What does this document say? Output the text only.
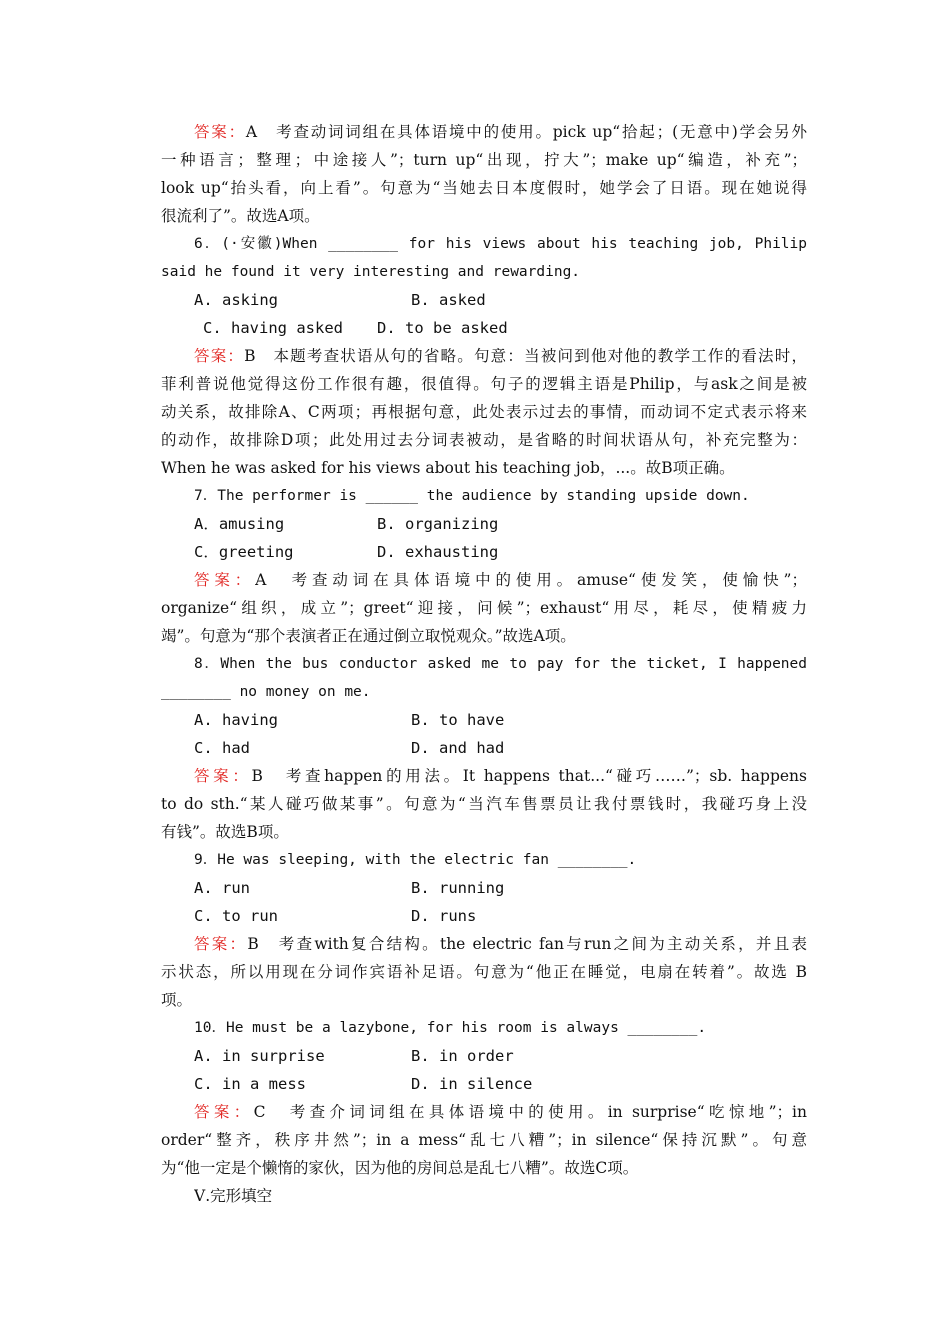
答案：A　 考查动词词组在具体语境中的使用。pick up“拾起；(无意中)学会另外
一种语言；整理；中途接人”；turn up“出现，拧大”；make up“编造，补充”；
look up“抬头看，向上看”。句意为“当她去日本度假时，她学会了日语。现在她说得
很流利了”。故选A项。
6．(·安徽)When ________ for his views about his teaching job, Philip
said he found it very interesting and rewarding.
A. asking	B. asked
C. having asked D. to be asked
答案：B　 本题考查状语从句的省略。句意：当被问到他对他的教学工作的看法时，
菲利普说他觉得这份工作很有趣，很值得。句子的逻辑主语是Philip，与ask之间是被
动关系，故排除A、C两项；再根据句意，此处表示过去的事情，而动词不定式表示将来
的动作，故排除D项；此处用过去分词表被动，是省略的时间状语从句，补充完整为：
When he was asked for his views about his teaching job，...。故B项正确。
7．The performer is ______ the audience by standing upside down.
A．amusing	B. organizing
C．greeting	D. exhausting
答案：A　 考查动词在具体语境中的使用。amuse“使发笑，使愉快”；
organize“组织，成立”；greet“迎接，问候”；exhaust“用尽，耗尽，使精疲力
竭”。句意为“那个表演者正在通过倒立取悦观众。”故选A项。
8．When the bus conductor asked me to pay for the ticket, I happened
________ no money on me.
A. having	B. to have
C. had	D. and had
答案：B　 考查happen的用法。It happens that...“碰巧……”；sb. happens
to do sth.“某人碰巧做某事”。句意为“当汽车售票员让我付票钱时，我碰巧身上没
有钱”。故选B项。
9．He was sleeping, with the electric fan ________.
A. run	B. running
C. to run	D. runs
答案：B　 考查with复合结构。the electric fan与run之间为主动关系，并且表
示状态，所以用现在分词作宾语补足语。句意为“他正在睡觉，电扇在转着”。故选 B
项。
10．He must be a lazybone, for his room is always ________.
A. in surprise	B. in order
C. in a mess	D. in silence
答案：C　 考查介词词组在具体语境中的使用。in surprise“吃惊地”；in
order“整齐，秩序井然”；in a mess“乱七八糟”；in silence“保持沉默”。句意
为“他一定是个懒惰的家伙，因为他的房间总是乱七八糟”。故选C项。
Ⅴ.完形填空
